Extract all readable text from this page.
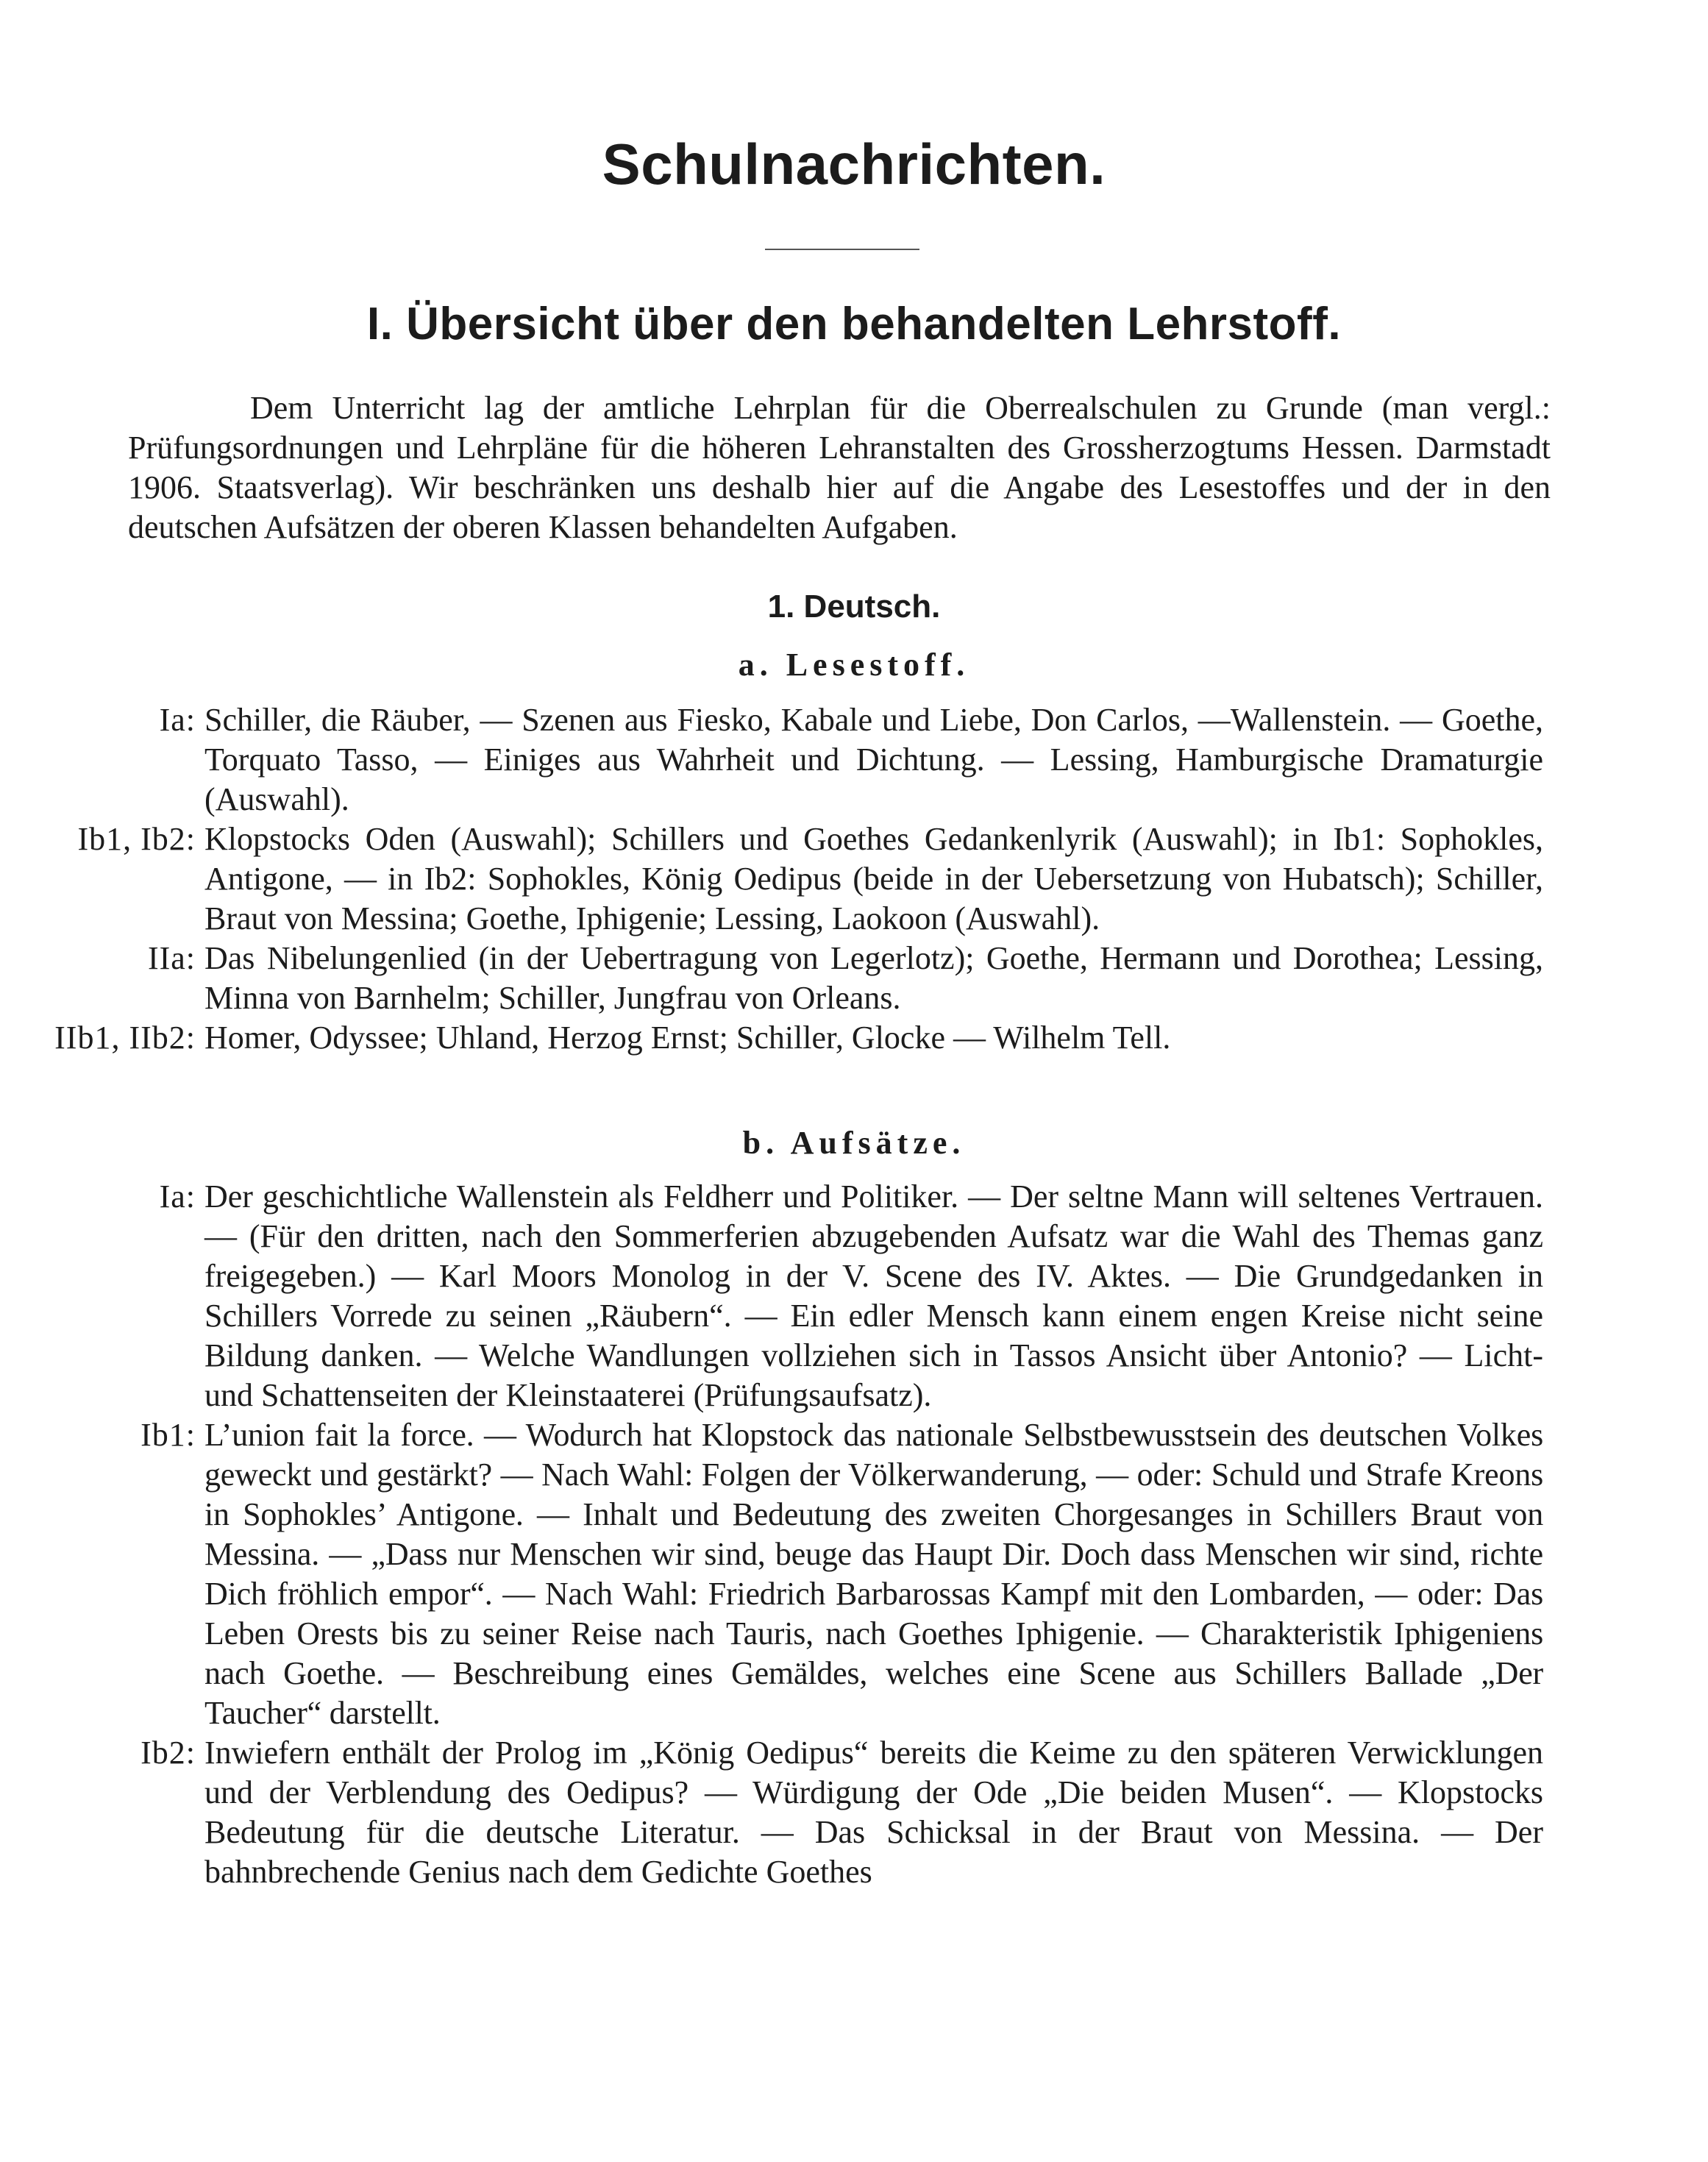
Schulnachrichten.
I. Übersicht über den behandelten Lehrstoff.

Dem Unterricht lag der amtliche Lehrplan für die Oberrealschulen zu Grunde (man vergl.: Prüfungsordnungen und Lehrpläne für die höheren Lehranstalten des Grossherzogtums Hessen. Darmstadt 1906. Staatsverlag). Wir beschränken uns deshalb hier auf die Angabe des Lesestoffes und der in den deutschen Aufsätzen der oberen Klassen behandelten Aufgaben.

1. Deutsch.
a. Lesestoff.
Ia: Schiller, die Räuber, — Szenen aus Fiesko, Kabale und Liebe, Don Carlos, —Wallenstein. — Goethe, Torquato Tasso, — Einiges aus Wahrheit und Dichtung. — Lessing, Hamburgische Dramaturgie (Auswahl).
Ib1, Ib2: Klopstocks Oden (Auswahl); Schillers und Goethes Gedankenlyrik (Auswahl); in Ib1: Sophokles, Antigone, — in Ib2: Sophokles, König Oedipus (beide in der Uebersetzung von Hubatsch); Schiller, Braut von Messina; Goethe, Iphigenie; Lessing, Laokoon (Auswahl).
IIa: Das Nibelungenlied (in der Uebertragung von Legerlotz); Goethe, Hermann und Dorothea; Lessing, Minna von Barnhelm; Schiller, Jungfrau von Orleans.
IIb1, IIb2: Homer, Odyssee; Uhland, Herzog Ernst; Schiller, Glocke — Wilhelm Tell.
b. Aufsätze.
Ia: Der geschichtliche Wallenstein als Feldherr und Politiker. — Der seltne Mann will seltenes Vertrauen. — (Für den dritten, nach den Sommerferien abzugebenden Aufsatz war die Wahl des Themas ganz freigegeben.) — Karl Moors Monolog in der V. Scene des IV. Aktes. — Die Grundgedanken in Schillers Vorrede zu seinen „Räubern“. — Ein edler Mensch kann einem engen Kreise nicht seine Bildung danken. — Welche Wandlungen vollziehen sich in Tassos Ansicht über Antonio? — Licht- und Schattenseiten der Kleinstaaterei (Prüfungsaufsatz).
Ib1: L’union fait la force. — Wodurch hat Klopstock das nationale Selbstbewusstsein des deutschen Volkes geweckt und gestärkt? — Nach Wahl: Folgen der Völkerwanderung, — oder: Schuld und Strafe Kreons in Sophokles’ Antigone. — Inhalt und Bedeutung des zweiten Chorgesanges in Schillers Braut von Messina. — „Dass nur Menschen wir sind, beuge das Haupt Dir. Doch dass Menschen wir sind, richte Dich fröhlich empor“. — Nach Wahl: Friedrich Barbarossas Kampf mit den Lombarden, — oder: Das Leben Orests bis zu seiner Reise nach Tauris, nach Goethes Iphigenie. — Charakteristik Iphigeniens nach Goethe. — Beschreibung eines Gemäldes, welches eine Scene aus Schillers Ballade „Der Taucher“ darstellt.
Ib2: Inwiefern enthält der Prolog im „König Oedipus“ bereits die Keime zu den späteren Verwicklungen und der Verblendung des Oedipus? — Würdigung der Ode „Die beiden Musen“. — Klopstocks Bedeutung für die deutsche Literatur. — Das Schicksal in der Braut von Messina. — Der bahnbrechende Genius nach dem Gedichte Goethes
